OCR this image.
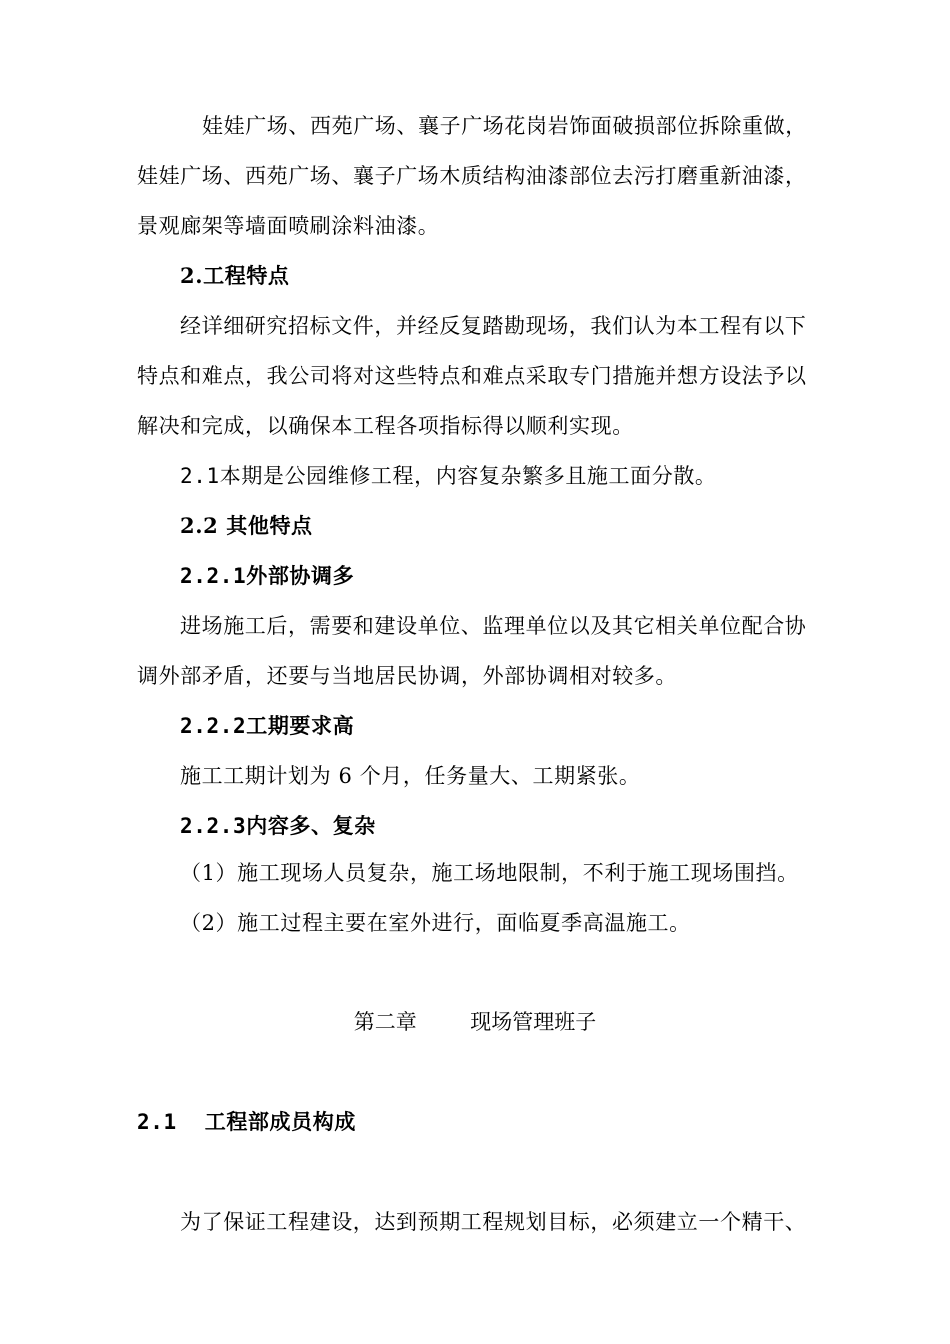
娃娃广场、西苑广场、襄子广场花岗岩饰面破损部位拆除重做，
娃娃广场、西苑广场、襄子广场木质结构油漆部位去污打磨重新油漆，
景观廊架等墙面喷刷涂料油漆。
2.工程特点
经详细研究招标文件，并经反复踏勘现场，我们认为本工程有以下
特点和难点，我公司将对这些特点和难点采取专门措施并想方设法予以
解决和完成，以确保本工程各项指标得以顺利实现。
2.1本期是公园维修工程，内容复杂繁多且施工面分散。
2.2 其他特点
2.2.1外部协调多
进场施工后，需要和建设单位、监理单位以及其它相关单位配合协
调外部矛盾，还要与当地居民协调，外部协调相对较多。
2.2.2工期要求高
施工工期计划为 6 个月，任务量大、工期紧张。
2.2.3内容多、复杂
（1）施工现场人员复杂，施工场地限制，不利于施工现场围挡。
（2）施工过程主要在室外进行，面临夏季高温施工。
第二章        现场管理班子
2.1 工程部成员构成
为了保证工程建设，达到预期工程规划目标，必须建立一个精干、
